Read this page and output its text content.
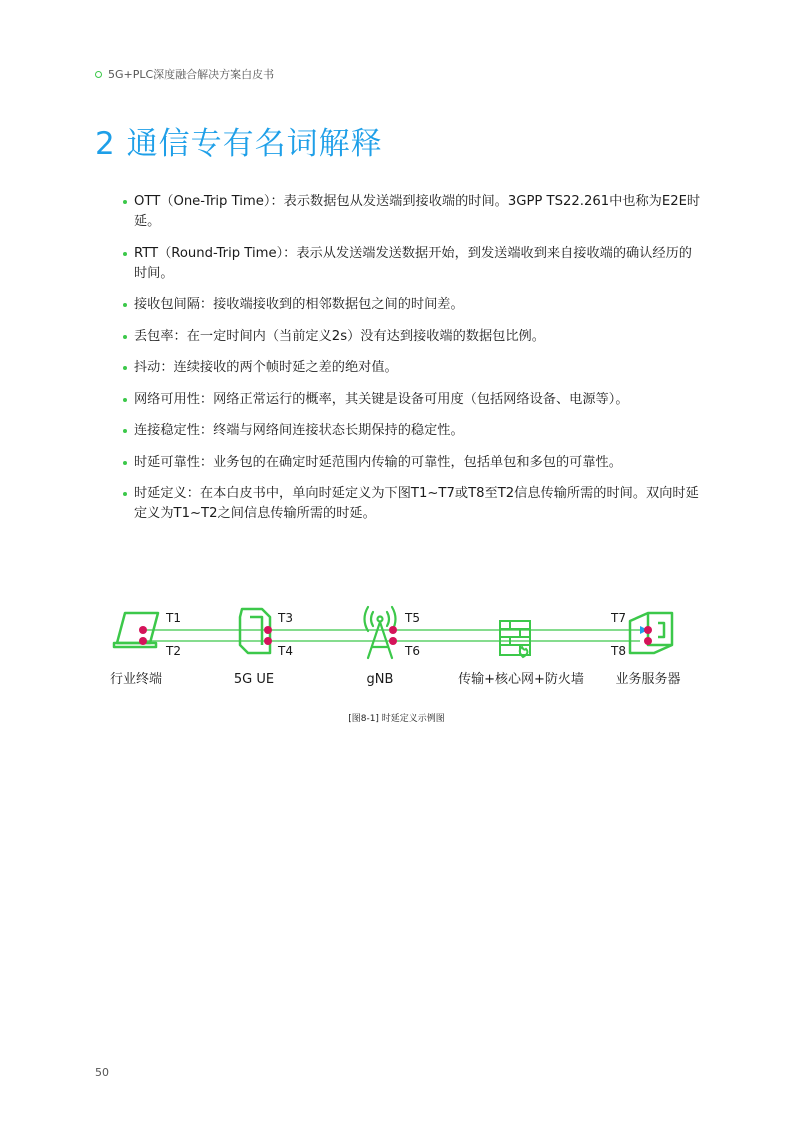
5G+PLC深度融合解决方案白皮书
2 通信专有名词解释
OTT（One-Trip Time）：表示数据包从发送端到接收端的时间。3GPP TS22.261中也称为E2E时延。
RTT（Round-Trip Time）：表示从发送端发送数据开始，到发送端收到来自接收端的确认经历的时间。
接收包间隔：接收端接收到的相邻数据包之间的时间差。
丢包率：在一定时间内（当前定义2s）没有达到接收端的数据包比例。
抖动：连续接收的两个帧时延之差的绝对值。
网络可用性：网络正常运行的概率，其关键是设备可用度（包括网络设备、电源等）。
连接稳定性：终端与网络间连接状态长期保持的稳定性。
时延可靠性：业务包的在确定时延范围内传输的可靠性，包括单包和多包的可靠性。
时延定义：在本白皮书中，单向时延定义为下图T1~T7或T8至T2信息传输所需的时间。双向时延定义为T1~T2之间信息传输所需的时延。
T1
T2
T3
T4
T5
T6
T7
T8
行业终端	5G UE	gNB	传输+核心网+防火墙 业务服务器
[图8-1] 时延定义示例图
50
